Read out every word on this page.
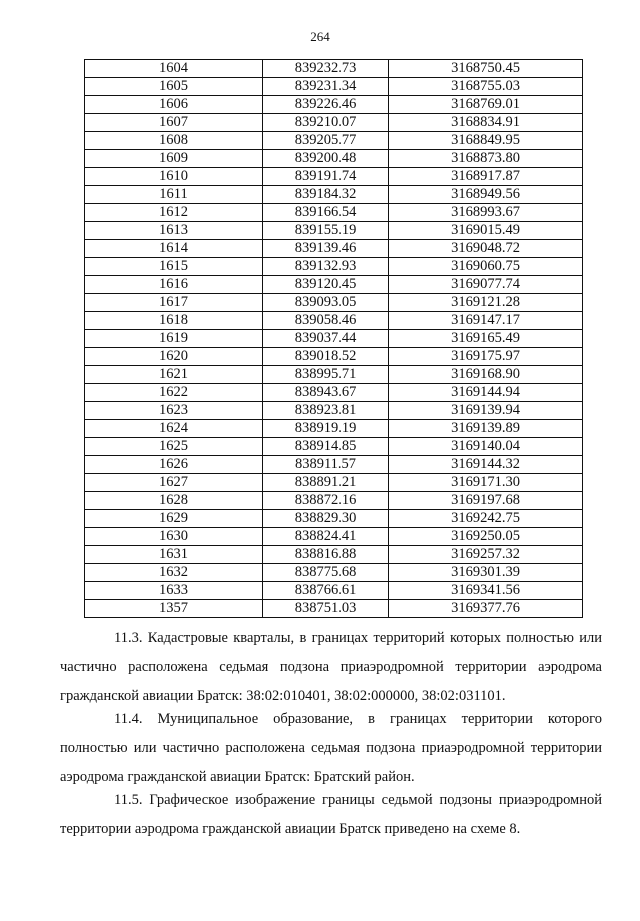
264
1604	839232.73	3168750.45
1605	839231.34	3168755.03
1606	839226.46	3168769.01
1607	839210.07	3168834.91
1608	839205.77	3168849.95
1609	839200.48	3168873.80
1610	839191.74	3168917.87
1611	839184.32	3168949.56
1612	839166.54	3168993.67
1613	839155.19	3169015.49
1614	839139.46	3169048.72
1615	839132.93	3169060.75
1616	839120.45	3169077.74
1617	839093.05	3169121.28
1618	839058.46	3169147.17
1619	839037.44	3169165.49
1620	839018.52	3169175.97
1621	838995.71	3169168.90
1622	838943.67	3169144.94
1623	838923.81	3169139.94
1624	838919.19	3169139.89
1625	838914.85	3169140.04
1626	838911.57	3169144.32
1627	838891.21	3169171.30
1628	838872.16	3169197.68
1629	838829.30	3169242.75
1630	838824.41	3169250.05
1631	838816.88	3169257.32
1632	838775.68	3169301.39
1633	838766.61	3169341.56
1357	838751.03	3169377.76

11.3. Кадастровые кварталы, в границах территорий которых полностью или частично расположена седьмая подзона приаэродромной территории аэродрома гражданской авиации Братск: 38:02:010401, 38:02:000000, 38:02:031101.

11.4. Муниципальное образование, в границах территории которого полностью или частично расположена седьмая подзона приаэродромной территории аэродрома гражданской авиации Братск: Братский район.

11.5. Графическое изображение границы седьмой подзоны приаэродромной территории аэродрома гражданской авиации Братск приведено на схеме 8.
